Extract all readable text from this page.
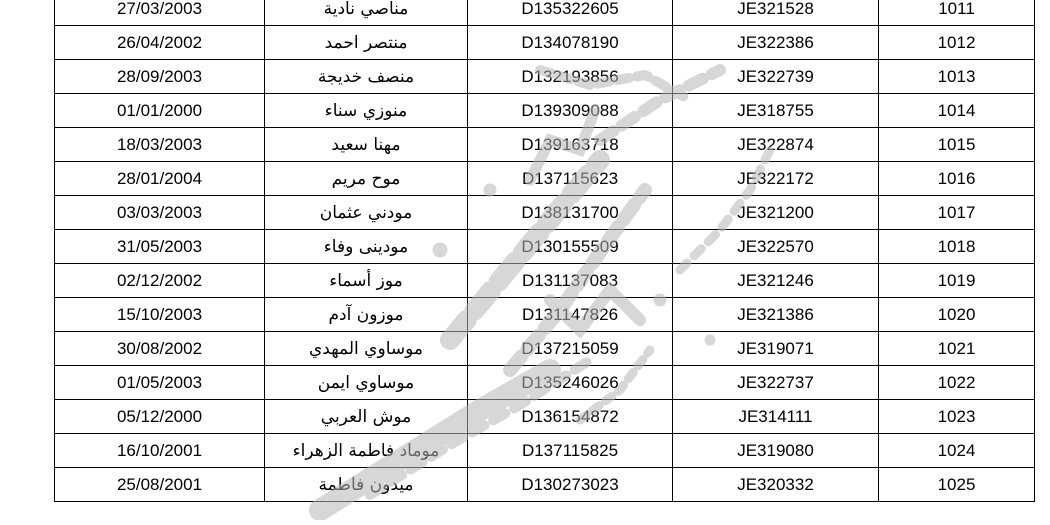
27/03/2003	مناصي نادية	D135322605	JE321528	1011
26/04/2002	منتصر احمد	D134078190	JE322386	1012
28/09/2003	منصف خديجة	D132193856	JE322739	1013
01/01/2000	منوزي سناء	D139309088	JE318755	1014
18/03/2003	مهنا سعيد	D139163718	JE322874	1015
28/01/2004	موح مريم	D137115623	JE322172	1016
03/03/2003	مودني عثمان	D138131700	JE321200	1017
31/05/2003	مودينى وفاء	D130155509	JE322570	1018
02/12/2002	موز أسماء	D131137083	JE321246	1019
15/10/2003	موزون آدم	D131147826	JE321386	1020
30/08/2002	موساوي المهدي	D137215059	JE319071	1021
01/05/2003	موساوي ايمن	D135246026	JE322737	1022
05/12/2000	موش العربي	D136154872	JE314111	1023
16/10/2001	موماد فاطمة الزهراء	D137115825	JE319080	1024
25/08/2001	ميدون فاطمة	D130273023	JE320332	1025
